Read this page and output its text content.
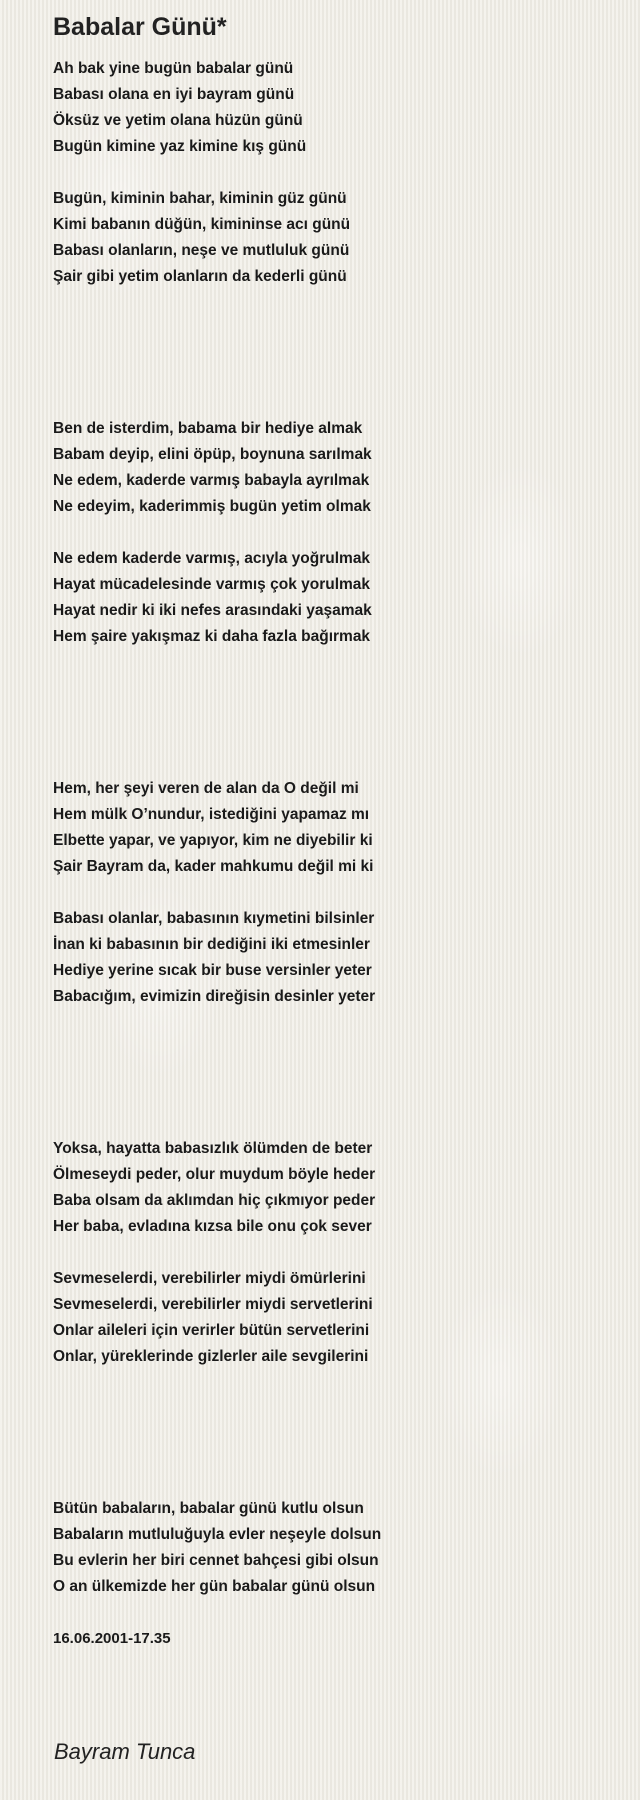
Babalar Günü*
Ah bak yine bugün babalar günü
Babası olana en iyi bayram günü
Öksüz ve yetim olana hüzün günü
Bugün kimine yaz kimine kış günü
Bugün, kiminin bahar, kiminin güz günü
Kimi babanın düğün, kimininse acı günü
Babası olanların, neşe ve mutluluk günü
Şair gibi yetim olanların da kederli günü
Ben de isterdim, babama bir hediye almak
Babam deyip, elini öpüp, boynuna sarılmak
Ne edem, kaderde varmış babayla ayrılmak
Ne edeyim, kaderimmiş bugün yetim olmak
Ne edem kaderde varmış, acıyla yoğrulmak
Hayat mücadelesinde varmış çok yorulmak
Hayat nedir ki iki nefes arasındaki yaşamak
Hem şaire yakışmaz ki daha fazla bağırmak
Hem, her şeyi veren de alan da O değil mi
Hem mülk O’nundur, istediğini yapamaz mı
Elbette yapar, ve yapıyor, kim ne diyebilir ki
Şair Bayram da, kader mahkumu değil mi ki
Babası olanlar, babasının kıymetini bilsinler
İnan ki babasının bir dediğini iki etmesinler
Hediye yerine sıcak bir buse versinler yeter
Babacığım, evimizin direğisin desinler yeter
Yoksa, hayatta babasızlık ölümden de beter
Ölmeseydi peder, olur muydum böyle heder
Baba olsam da aklımdan hiç çıkmıyor peder
Her baba, evladına kızsa bile onu çok sever
Sevmeselerdi, verebilirler miydi ömürlerini
Sevmeselerdi, verebilirler miydi servetlerini
Onlar aileleri için verirler bütün servetlerini
Onlar, yüreklerinde gizlerler aile sevgilerini
Bütün babaların, babalar günü kutlu olsun
Babaların mutluluğuyla evler neşeyle dolsun
Bu evlerin her biri cennet bahçesi gibi olsun
O an ülkemizde her gün babalar günü olsun
16.06.2001-17.35
Bayram Tunca
